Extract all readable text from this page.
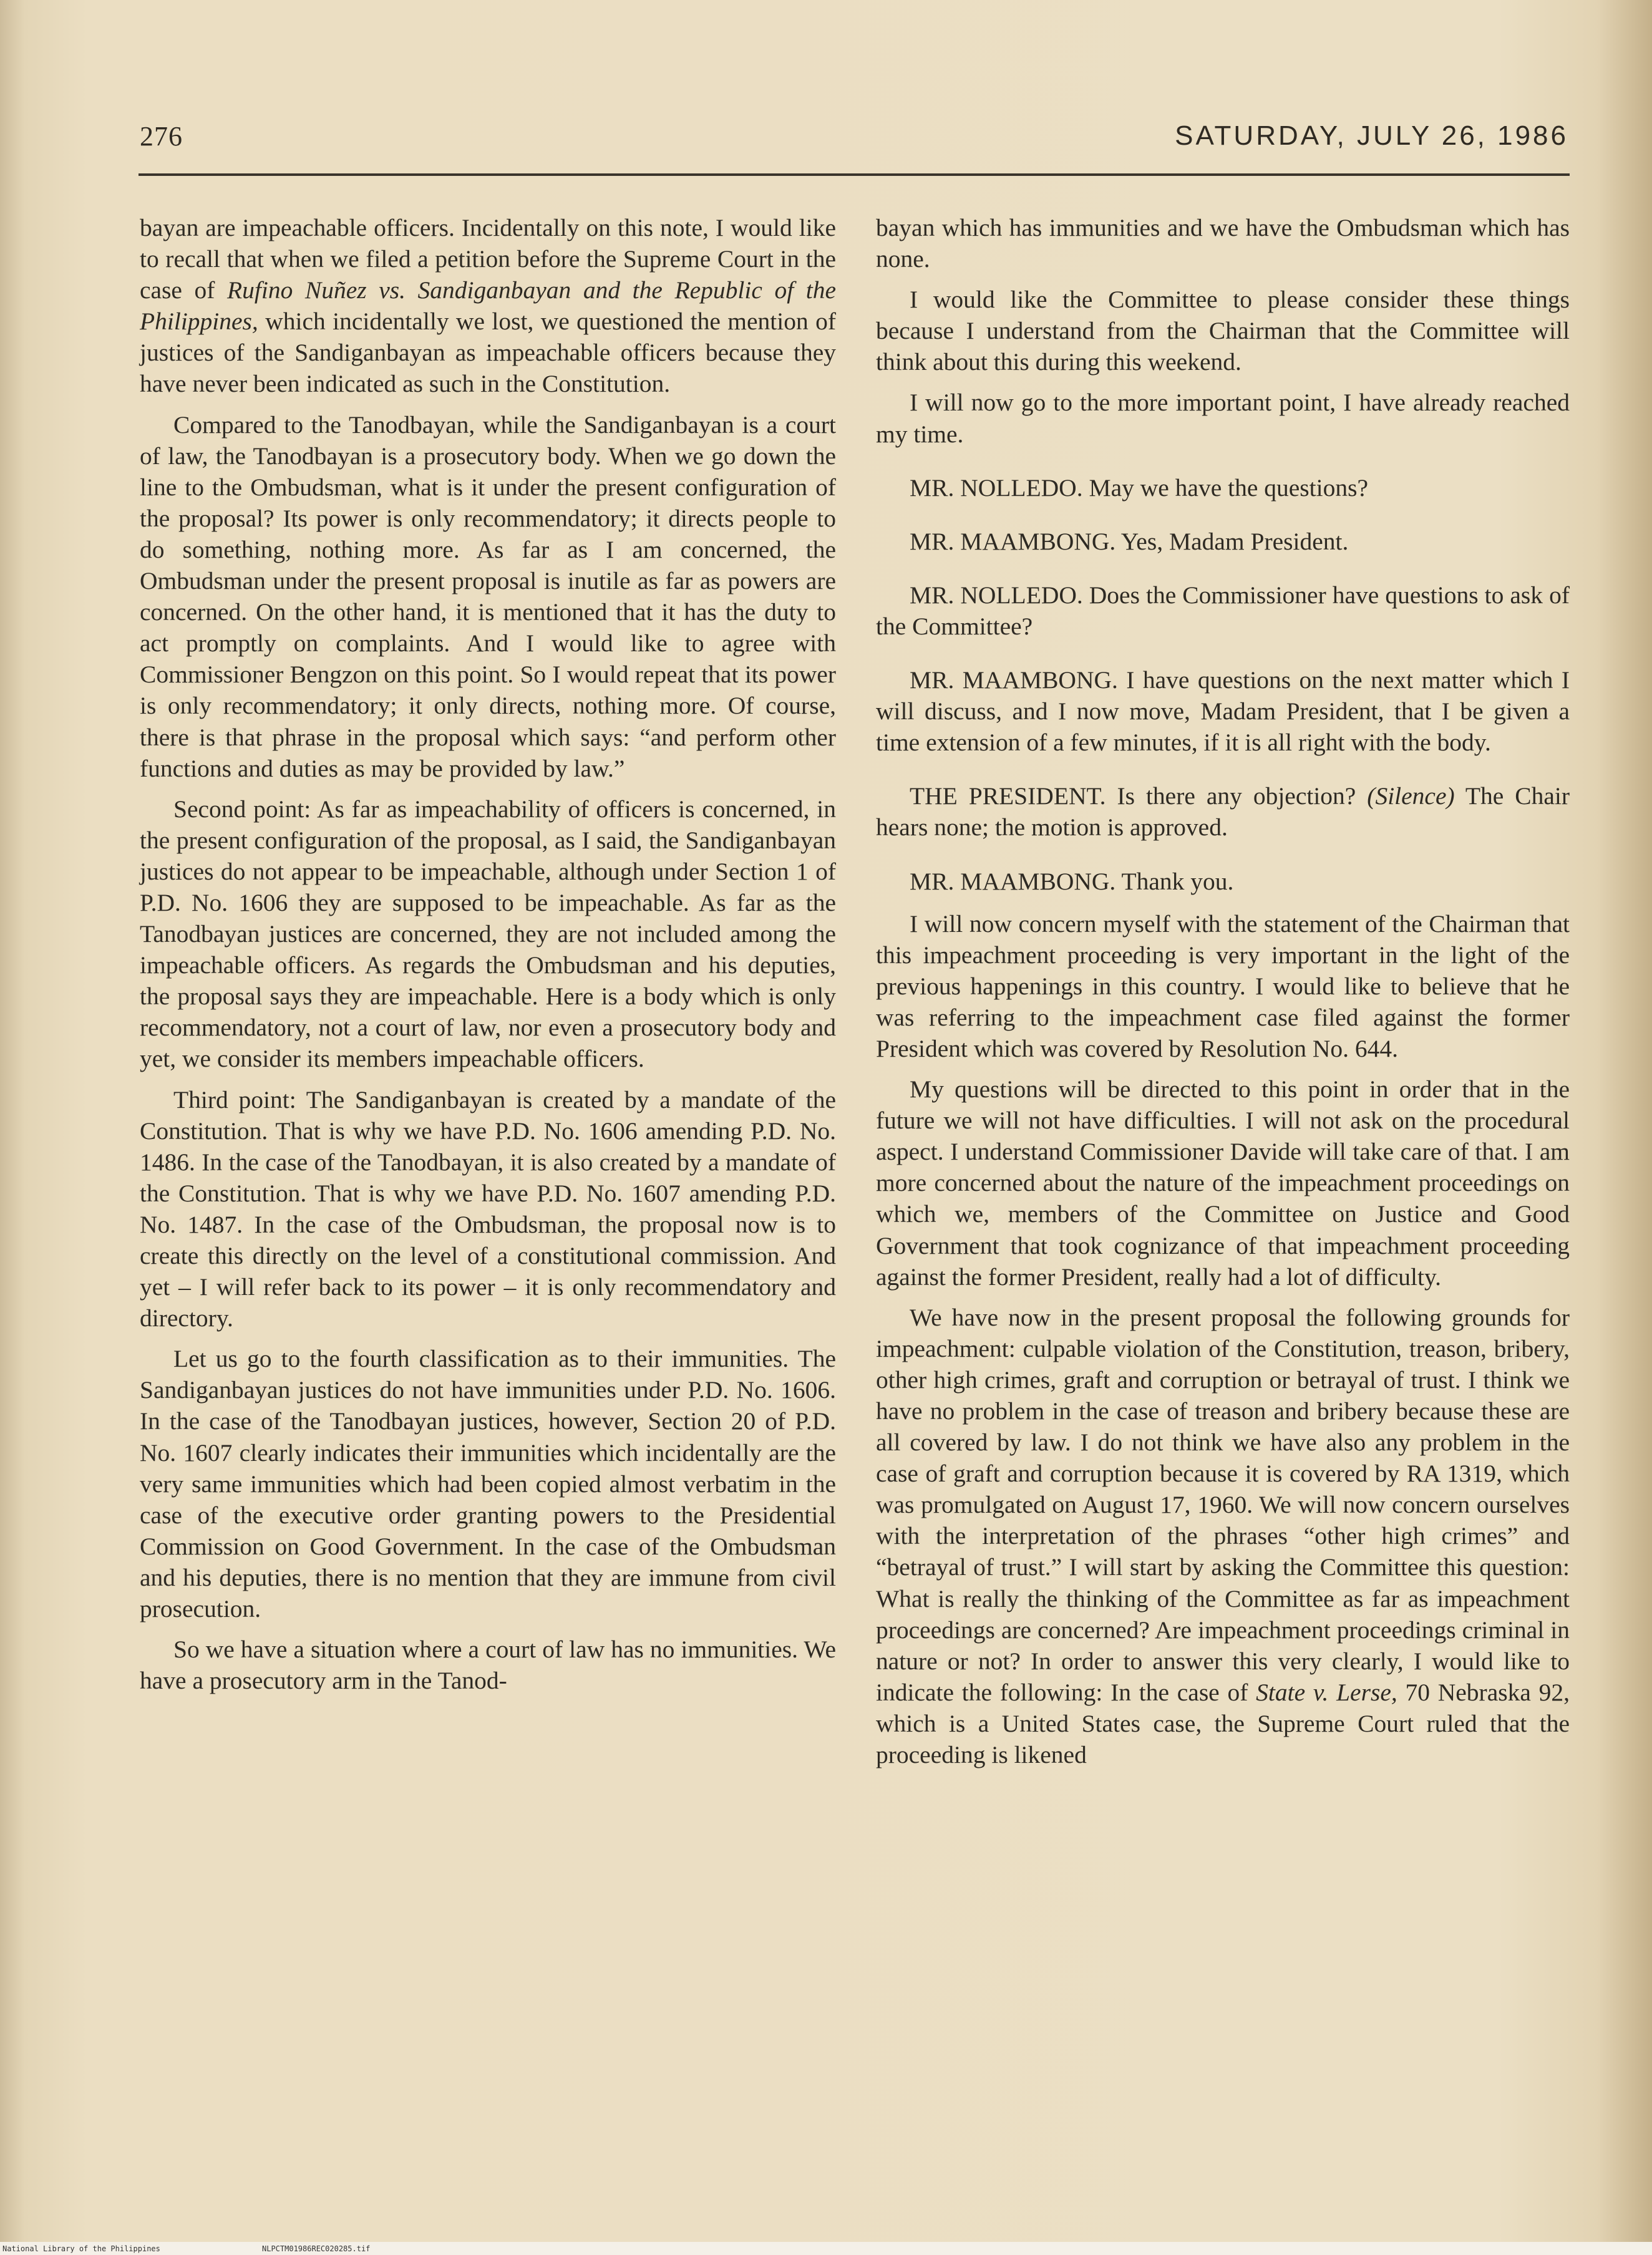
276	SATURDAY, JULY 26, 1986

bayan are impeachable officers. Incidentally on this note, I would like to recall that when we filed a petition before the Supreme Court in the case of Rufino Nuñez vs. Sandiganbayan and the Republic of the Philippines, which incidentally we lost, we questioned the mention of justices of the Sandiganbayan as impeachable officers because they have never been indicated as such in the Constitution.

Compared to the Tanodbayan, while the Sandiganbayan is a court of law, the Tanodbayan is a prosecutory body. When we go down the line to the Ombudsman, what is it under the present configuration of the proposal? Its power is only recommendatory; it directs people to do something, nothing more. As far as I am concerned, the Ombudsman under the present proposal is inutile as far as powers are concerned. On the other hand, it is mentioned that it has the duty to act promptly on complaints. And I would like to agree with Commissioner Bengzon on this point. So I would repeat that its power is only recommendatory; it only directs, nothing more. Of course, there is that phrase in the proposal which says: “and perform other functions and duties as may be provided by law.”

Second point: As far as impeachability of officers is concerned, in the present configuration of the proposal, as I said, the Sandiganbayan justices do not appear to be impeachable, although under Section 1 of P.D. No. 1606 they are supposed to be impeachable. As far as the Tanodbayan justices are concerned, they are not included among the impeachable officers. As regards the Ombudsman and his deputies, the proposal says they are impeachable. Here is a body which is only recommendatory, not a court of law, nor even a prosecutory body and yet, we consider its members impeachable officers.

Third point: The Sandiganbayan is created by a mandate of the Constitution. That is why we have P.D. No. 1606 amending P.D. No. 1486. In the case of the Tanodbayan, it is also created by a mandate of the Constitution. That is why we have P.D. No. 1607 amending P.D. No. 1487. In the case of the Ombudsman, the proposal now is to create this directly on the level of a constitutional commission. And yet – I will refer back to its power – it is only recommendatory and directory.

Let us go to the fourth classification as to their immunities. The Sandiganbayan justices do not have immunities under P.D. No. 1606. In the case of the Tanodbayan justices, however, Section 20 of P.D. No. 1607 clearly indicates their immunities which incidentally are the very same immunities which had been copied almost verbatim in the case of the executive order granting powers to the Presidential Commission on Good Government. In the case of the Ombudsman and his deputies, there is no mention that they are immune from civil prosecution.

So we have a situation where a court of law has no immunities. We have a prosecutory arm in the Tanod-

bayan which has immunities and we have the Ombudsman which has none.

I would like the Committee to please consider these things because I understand from the Chairman that the Committee will think about this during this weekend.

I will now go to the more important point, I have already reached my time.

MR. NOLLEDO. May we have the questions?

MR. MAAMBONG. Yes, Madam President.

MR. NOLLEDO. Does the Commissioner have questions to ask of the Committee?

MR. MAAMBONG. I have questions on the next matter which I will discuss, and I now move, Madam President, that I be given a time extension of a few minutes, if it is all right with the body.

THE PRESIDENT. Is there any objection? (Silence) The Chair hears none; the motion is approved.

MR. MAAMBONG. Thank you.

I will now concern myself with the statement of the Chairman that this impeachment proceeding is very important in the light of the previous happenings in this country. I would like to believe that he was referring to the impeachment case filed against the former President which was covered by Resolution No. 644.

My questions will be directed to this point in order that in the future we will not have difficulties. I will not ask on the procedural aspect. I understand Commissioner Davide will take care of that. I am more concerned about the nature of the impeachment proceedings on which we, members of the Committee on Justice and Good Government that took cognizance of that impeachment proceeding against the former President, really had a lot of difficulty.

We have now in the present proposal the following grounds for impeachment: culpable violation of the Constitution, treason, bribery, other high crimes, graft and corruption or betrayal of trust. I think we have no problem in the case of treason and bribery because these are all covered by law. I do not think we have also any problem in the case of graft and corruption because it is covered by RA 1319, which was promulgated on August 17, 1960. We will now concern ourselves with the interpretation of the phrases “other high crimes” and “betrayal of trust.” I will start by asking the Committee this question: What is really the thinking of the Committee as far as impeachment proceedings are concerned? Are impeachment proceedings criminal in nature or not? In order to answer this very clearly, I would like to indicate the following: In the case of State v. Lerse, 70 Nebraska 92, which is a United States case, the Supreme Court ruled that the proceeding is likened

National Library of the Philippines	NLPCTM01986REC020285.tif
